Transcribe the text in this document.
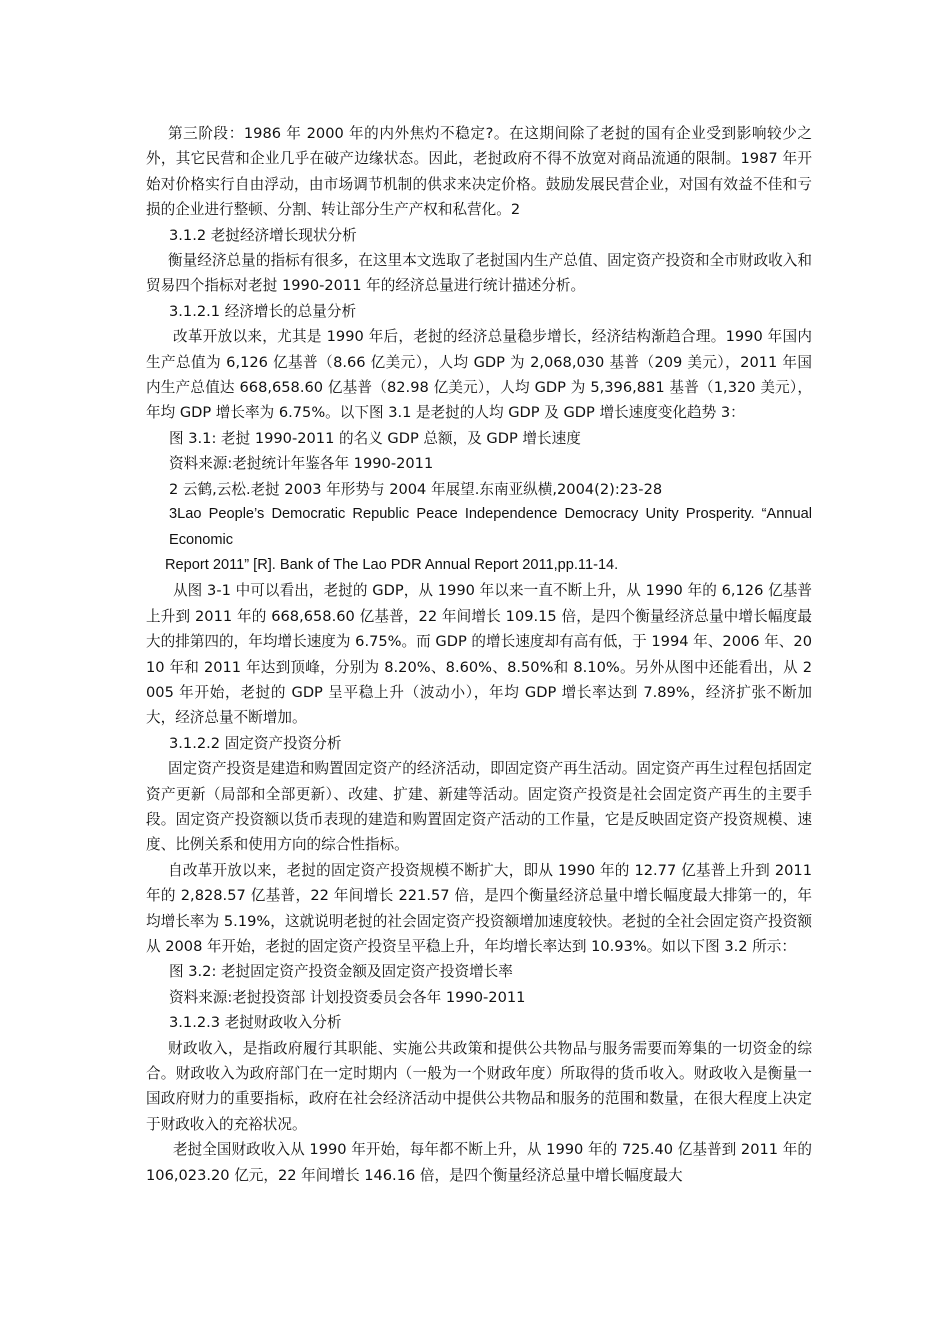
第三阶段：1986 年 2000 年的内外焦灼不稳定?。在这期间除了老挝的国有企业受到影响较少之外，其它民营和企业几乎在破产边缘状态。因此，老挝政府不得不放宽对商品流通的限制。1987 年开始对价格实行自由浮动，由市场调节机制的供求来决定价格。鼓励发展民营企业，对国有效益不佳和亏损的企业进行整顿、分割、转让部分生产产权和私营化。2

3.1.2 老挝经济增长现状分析

衡量经济总量的指标有很多，在这里本文选取了老挝国内生产总值、固定资产投资和全市财政收入和贸易四个指标对老挝 1990-2011 年的经济总量进行统计描述分析。

3.1.2.1 经济增长的总量分析

改革开放以来，尤其是 1990 年后，老挝的经济总量稳步增长，经济结构渐趋合理。1990 年国内生产总值为 6,126 亿基普（8.66 亿美元），人均 GDP 为 2,068,030 基普（209 美元），2011 年国内生产总值达 668,658.60 亿基普（82.98 亿美元），人均 GDP 为 5,396,881 基普（1,320 美元），年均 GDP 增长率为 6.75%。以下图 3.1 是老挝的人均 GDP 及 GDP 增长速度变化趋势 3：

图 3.1: 老挝 1990-2011 的名义 GDP 总额，及 GDP 增长速度

资料来源:老挝统计年鉴各年 1990-2011

2 云鹤,云松.老挝 2003 年形势与 2004 年展望.东南亚纵横,2004(2):23-28

3Lao People’s Democratic Republic Peace Independence Democracy Unity Prosperity. “Annual Economic

Report 2011” [R]. Bank of The Lao PDR Annual Report 2011,pp.11-14.

从图 3-1 中可以看出，老挝的 GDP，从 1990 年以来一直不断上升，从 1990 年的 6,126 亿基普上升到 2011 年的 668,658.60 亿基普，22 年间增长 109.15 倍，是四个衡量经济总量中增长幅度最大的排第四的，年均增长速度为 6.75%。而 GDP 的增长速度却有高有低，于 1994 年、2006 年、2010 年和 2011 年达到顶峰，分别为 8.20%、8.60%、8.50%和 8.10%。另外从图中还能看出，从 2005 年开始，老挝的 GDP 呈平稳上升（波动小），年均 GDP 增长率达到 7.89%，经济扩张不断加大，经济总量不断增加。

3.1.2.2 固定资产投资分析

固定资产投资是建造和购置固定资产的经济活动，即固定资产再生活动。固定资产再生过程包括固定资产更新（局部和全部更新）、改建、扩建、新建等活动。固定资产投资是社会固定资产再生的主要手段。固定资产投资额以货币表现的建造和购置固定资产活动的工作量，它是反映固定资产投资规模、速度、比例关系和使用方向的综合性指标。

自改革开放以来，老挝的固定资产投资规模不断扩大，即从 1990 年的 12.77 亿基普上升到 2011 年的 2,828.57 亿基普，22 年间增长 221.57 倍，是四个衡量经济总量中增长幅度最大排第一的，年均增长率为 5.19%，这就说明老挝的社会固定资产投资额增加速度较快。老挝的全社会固定资产投资额从 2008 年开始，老挝的固定资产投资呈平稳上升，年均增长率达到 10.93%。如以下图 3.2 所示：

图 3.2: 老挝固定资产投资金额及固定资产投资增长率

资料来源:老挝投资部 计划投资委员会各年 1990-2011

3.1.2.3 老挝财政收入分析

财政收入，是指政府履行其职能、实施公共政策和提供公共物品与服务需要而筹集的一切资金的综合。财政收入为政府部门在一定时期内（一般为一个财政年度）所取得的货币收入。财政收入是衡量一国政府财力的重要指标，政府在社会经济活动中提供公共物品和服务的范围和数量，在很大程度上决定于财政收入的充裕状况。

老挝全国财政收入从 1990 年开始，每年都不断上升，从 1990 年的 725.40 亿基普到 2011 年的 106,023.20 亿元，22 年间增长 146.16 倍，是四个衡量经济总量中增长幅度最大
